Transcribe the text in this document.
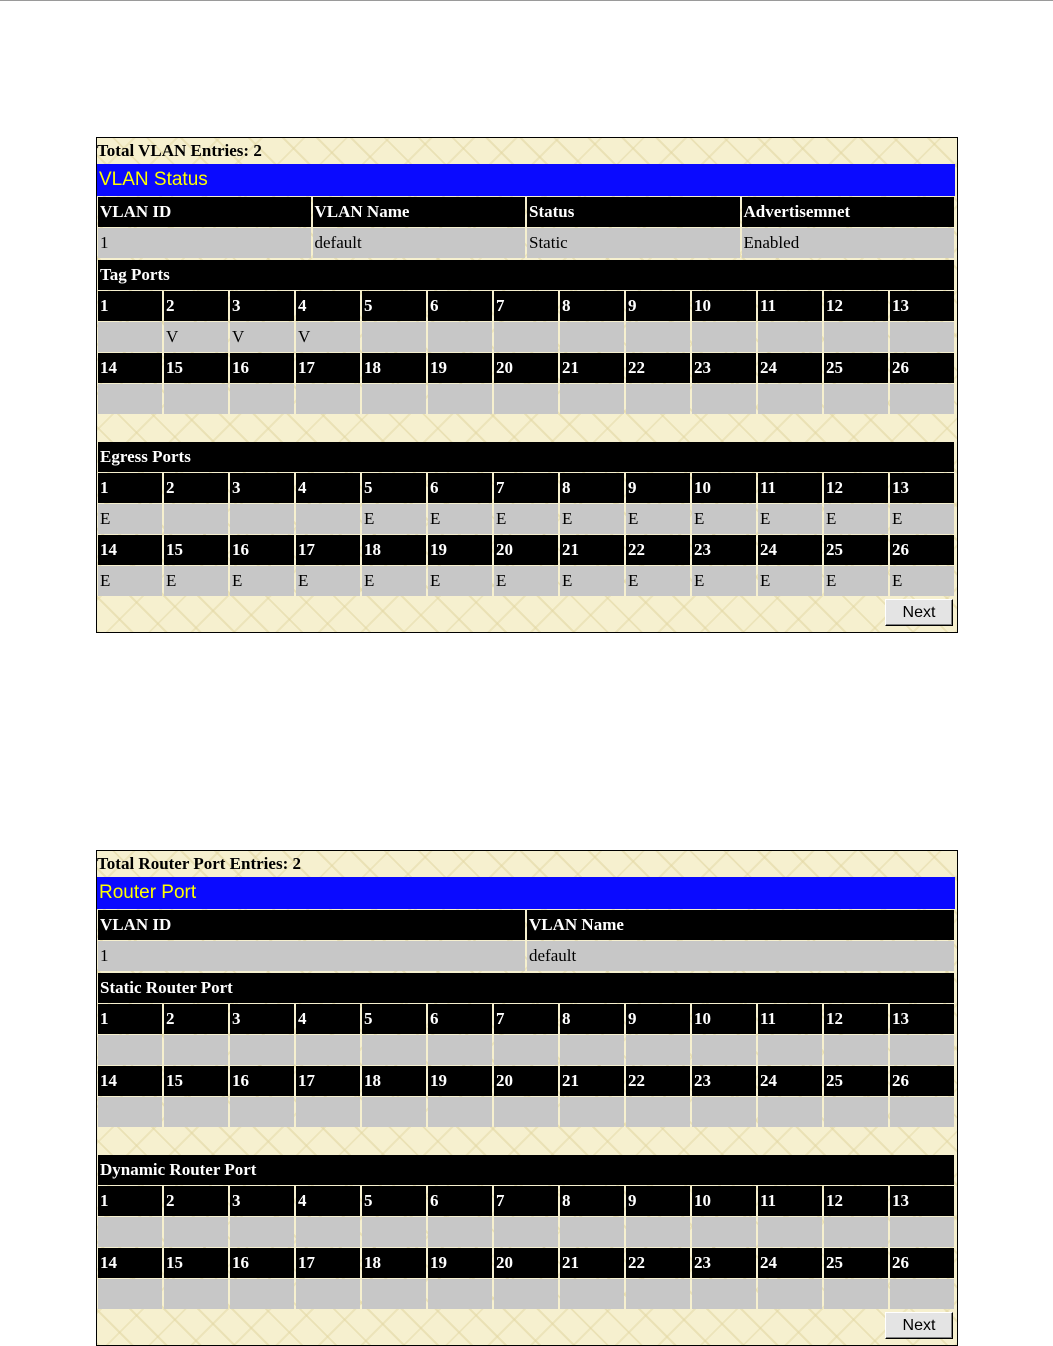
Total VLAN Entries: 2
VLAN Status
VLAN ID	VLAN Name	Status	Advertisemnet
1	default	Static	Enabled
Tag Ports												
1	2	3	4	5	6	7	8	9	10	11	12	13
	V	V	V									
14	15	16	17	18	19	20	21	22	23	24	25	26

Egress Ports												
1	2	3	4	5	6	7	8	9	10	11	12	13
E				E	E	E	E	E	E	E	E	E
14	15	16	17	18	19	20	21	22	23	24	25	26
E	E	E	E	E	E	E	E	E	E	E	E	E
Next
Total Router Port Entries: 2
Router Port
VLAN ID	VLAN Name
1	default
Static Router Port												
1	2	3	4	5	6	7	8	9	10	11	12	13

14	15	16	17	18	19	20	21	22	23	24	25	26

Dynamic Router Port												
1	2	3	4	5	6	7	8	9	10	11	12	13

14	15	16	17	18	19	20	21	22	23	24	25	26

Next
